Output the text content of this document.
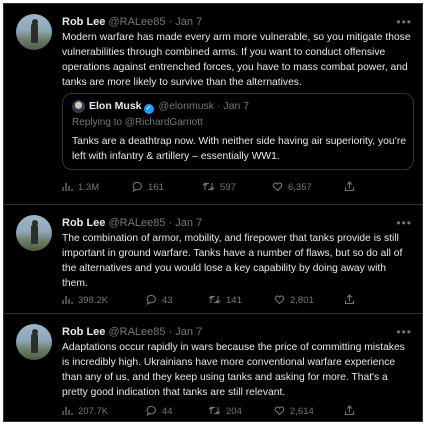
Rob Lee @RALee85 · Jan 7	•••
Modern warfare has made every arm more vulnerable, so you mitigate those vulnerabilities through combined arms. If you want to conduct offensive operations against entrenched forces, you have to mass combat power, and tanks are more likely to survive than the alternatives.
Elon Musk ✓ @elonmusk · Jan 7
Replying to @RichardGarriott
Tanks are a deathtrap now. With neither side having air superiority, you’re left with infantry & artillery – essentially WW1.
1.3M	161	597	6,357
Rob Lee @RALee85 · Jan 7	•••
The combination of armor, mobility, and firepower that tanks provide is still important in ground warfare. Tanks have a number of flaws, but so do all of the alternatives and you would lose a key capability by doing away with them.
398.2K	43	141	2,801
Rob Lee @RALee85 · Jan 7	•••
Adaptations occur rapidly in wars because the price of committing mistakes is incredibly high. Ukrainians have more conventional warfare experience than any of us, and they keep using tanks and asking for more. That's a pretty good indication that tanks are still relevant.
207.7K	44	204	2,614
